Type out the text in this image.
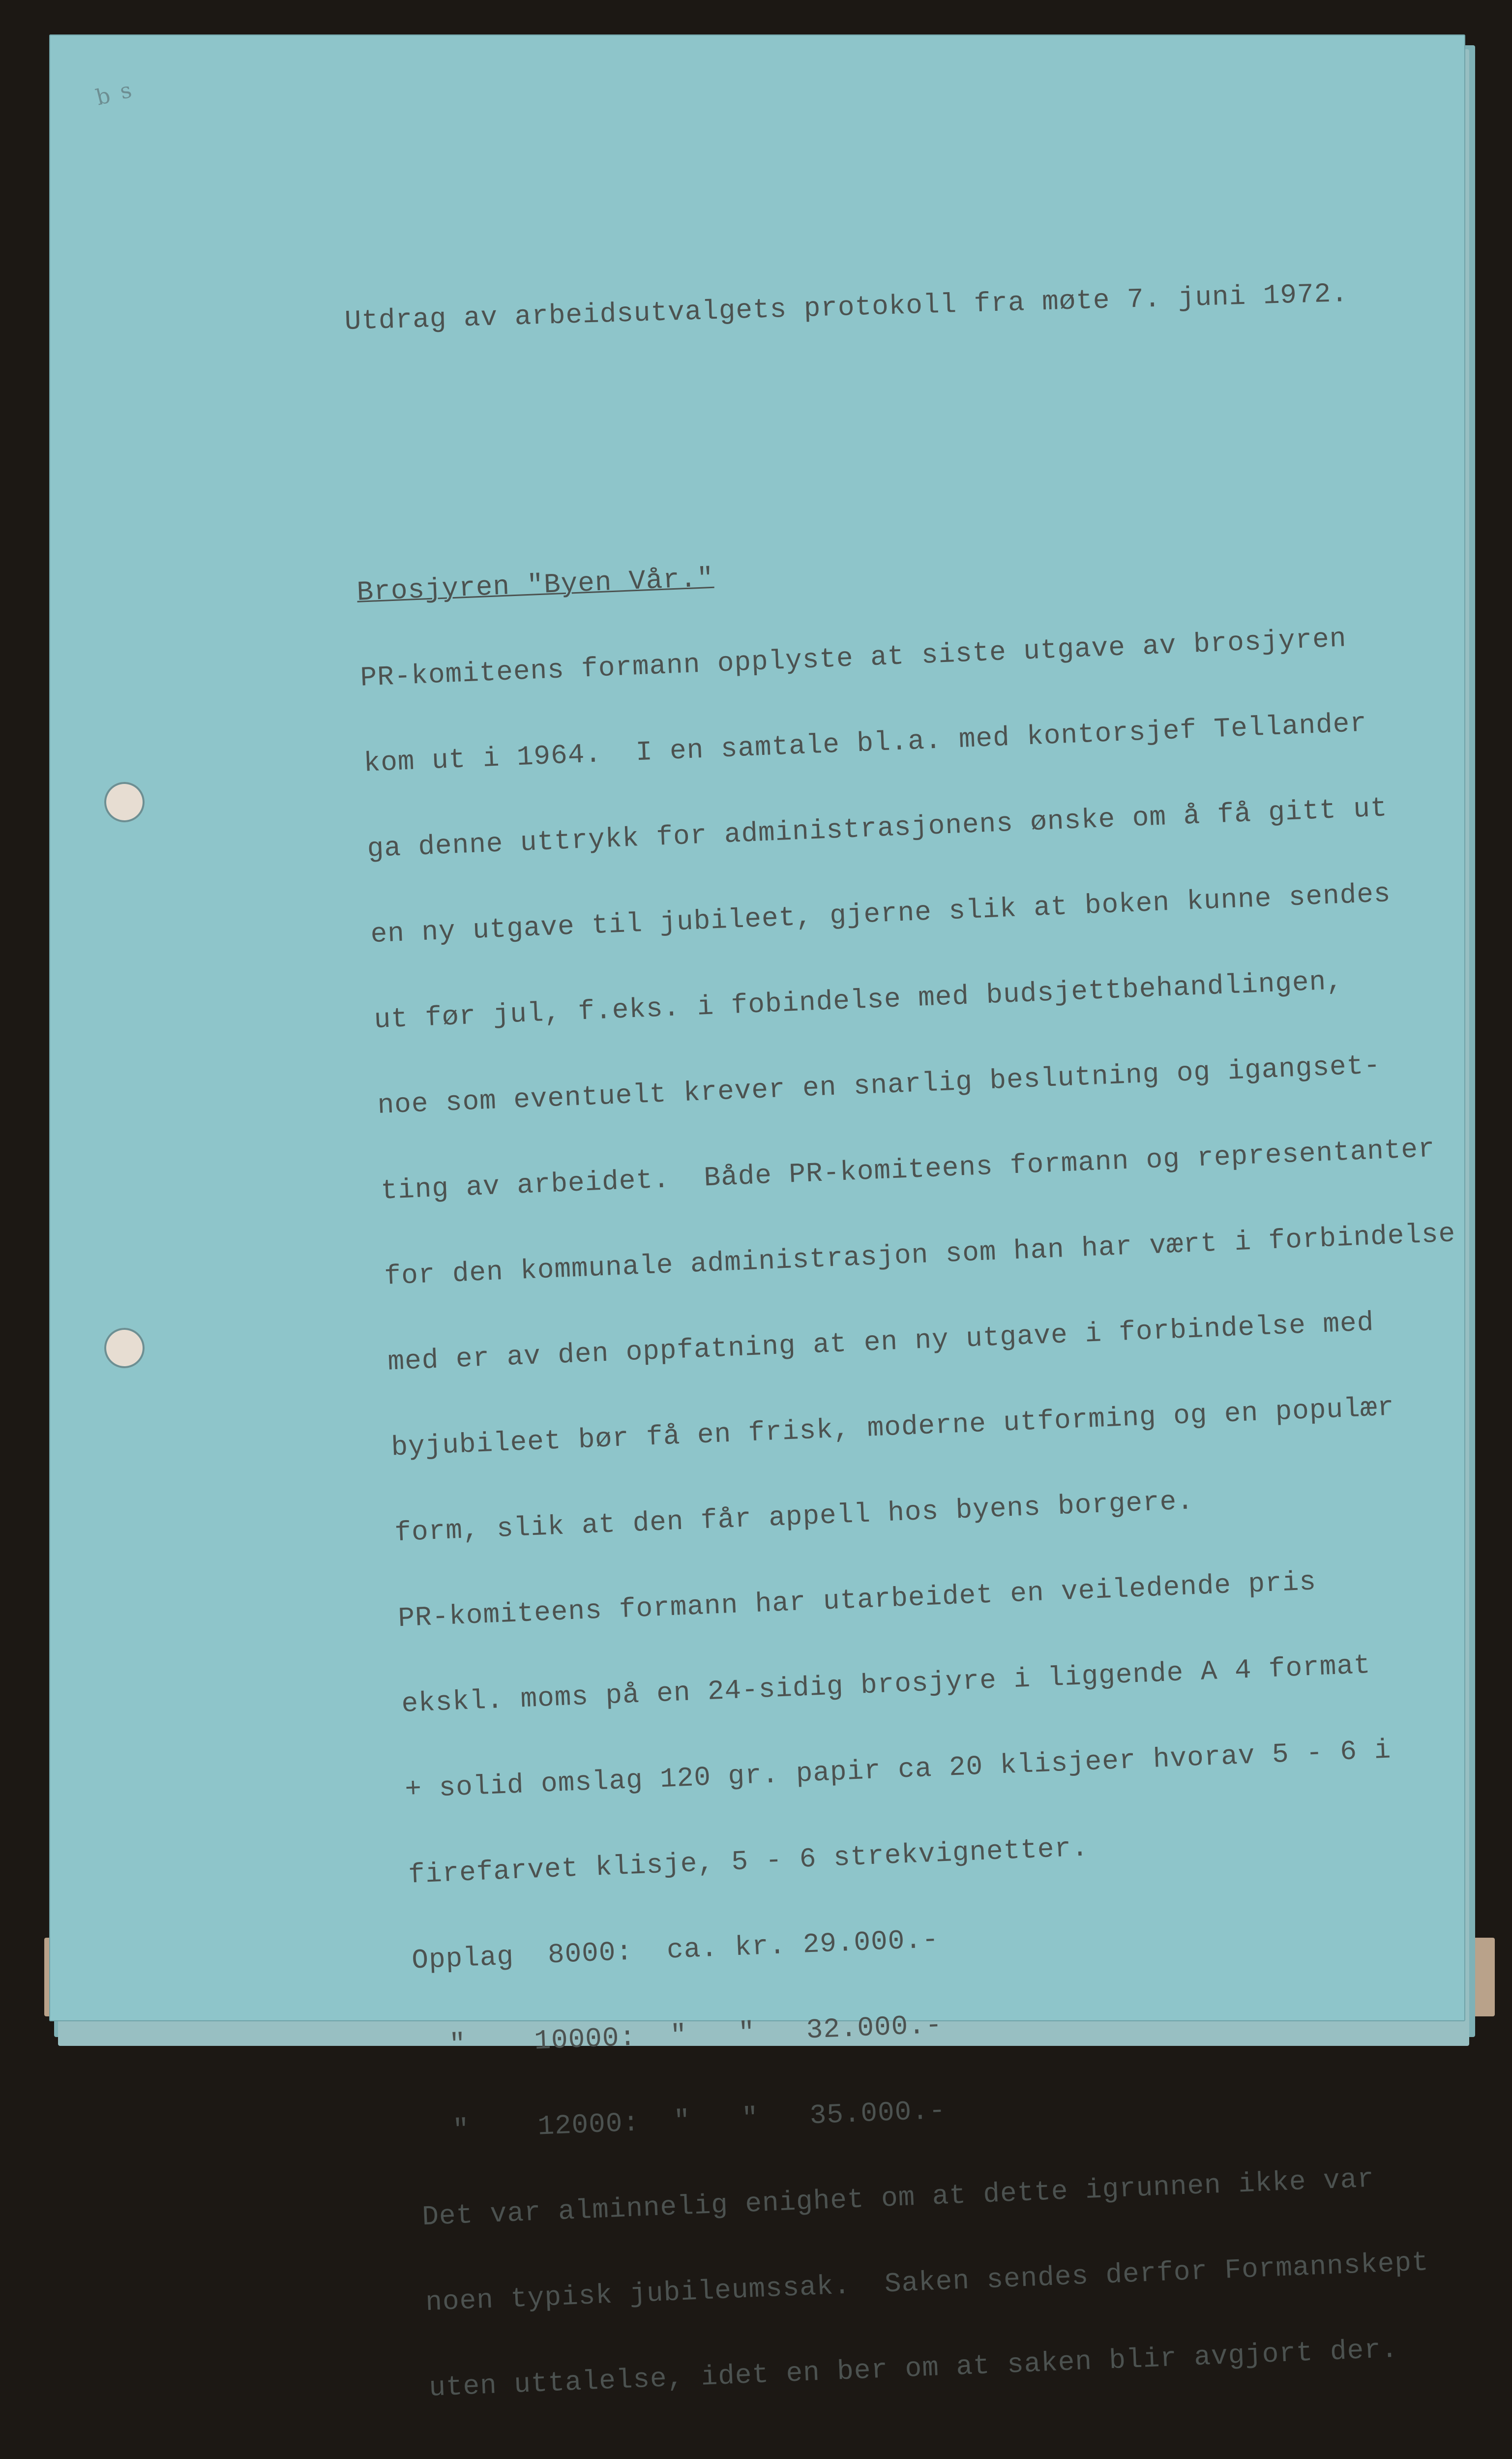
b s
Utdrag av arbeidsutvalgets protokoll fra møte 7. juni 1972.

Brosjyren "Byen Vår."

PR-komiteens formann opplyste at siste utgave av brosjyren

kom ut i 1964.  I en samtale bl.a. med kontorsjef Tellander

ga denne uttrykk for administrasjonens ønske om å få gitt ut

en ny utgave til jubileet, gjerne slik at boken kunne sendes

ut før jul, f.eks. i fobindelse med budsjettbehandlingen,

noe som eventuelt krever en snarlig beslutning og igangset-

ting av arbeidet.  Både PR-komiteens formann og representanter

for den kommunale administrasjon som han har vært i forbindelse

med er av den oppfatning at en ny utgave i forbindelse med

byjubileet bør få en frisk, moderne utforming og en populær

form, slik at den får appell hos byens borgere.

PR-komiteens formann har utarbeidet en veiledende pris

ekskl. moms på en 24-sidig brosjyre i liggende A 4 format

+ solid omslag 120 gr. papir ca 20 klisjeer hvorav 5 - 6 i

firefarvet klisje, 5 - 6 strekvignetter.

Opplag  8000:  ca. kr. 29.000.-

"    10000:  "   "   32.000.-

"    12000:  "   "   35.000.-

Det var alminnelig enighet om at dette igrunnen ikke var

noen typisk jubileumssak.  Saken sendes derfor Formannskept

uten uttalelse, idet en ber om at saken blir avgjort der.
